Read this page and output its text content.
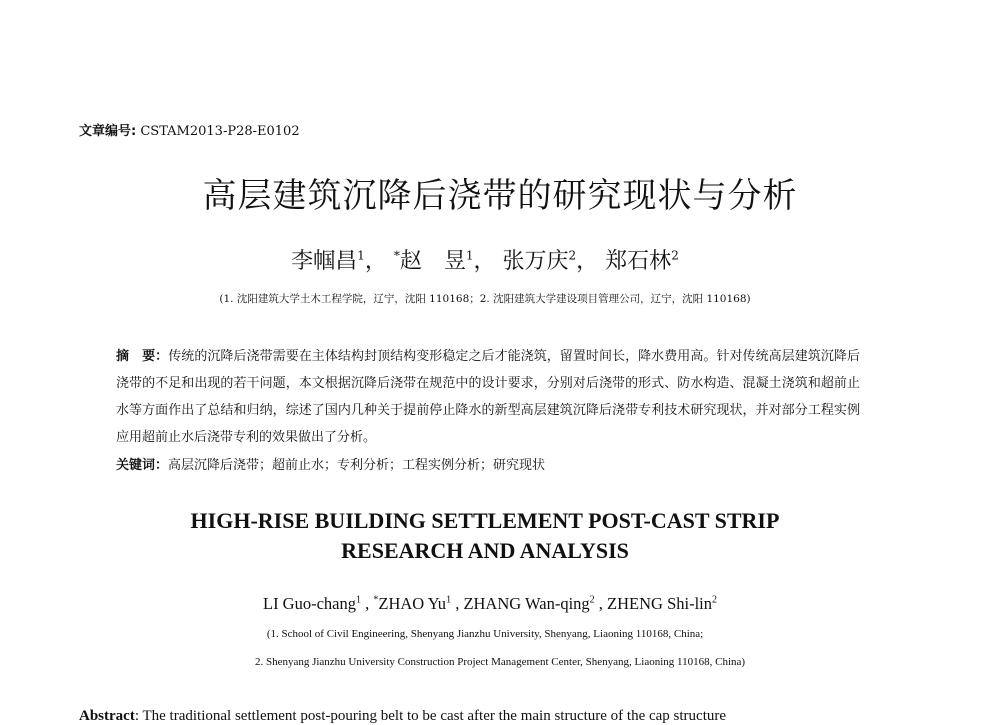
文章编号: CSTAM2013-P28-E0102
高层建筑沉降后浇带的研究现状与分析
李帼昌$^1$， *赵　昱$^1$， 张万庆$^2$， 郑石林$^2$
(1. 沈阳建筑大学土木工程学院，辽宁，沈阳 110168；2. 沈阳建筑大学建设项目管理公司，辽宁，沈阳 110168)
摘　要：传统的沉降后浇带需要在主体结构封顶结构变形稳定之后才能浇筑，留置时间长，降水费用高。针对传统高层建筑沉降后浇带的不足和出现的若干问题，本文根据沉降后浇带在规范中的设计要求，分别对后浇带的形式、防水构造、混凝土浇筑和超前止水等方面作出了总结和归纳，综述了国内几种关于提前停止降水的新型高层建筑沉降后浇带专利技术研究现状，并对部分工程实例应用超前止水后浇带专利的效果做出了分析。
关键词：高层沉降后浇带；超前止水；专利分析；工程实例分析；研究现状
HIGH-RISE BUILDING SETTLEMENT POST-CAST STRIP
RESEARCH AND ANALYSIS
LI Guo-chang$^1$ , *ZHAO Yu$^1$ , ZHANG Wan-qing$^2$ , ZHENG Shi-lin$^2$
(1. School of Civil Engineering, Shenyang Jianzhu University, Shenyang, Liaoning 110168, China;
2. Shenyang Jianzhu University Construction Project Management Center, Shenyang, Liaoning 110168, China)
Abstract: The traditional settlement post-pouring belt to be cast after the main structure of the cap structure
